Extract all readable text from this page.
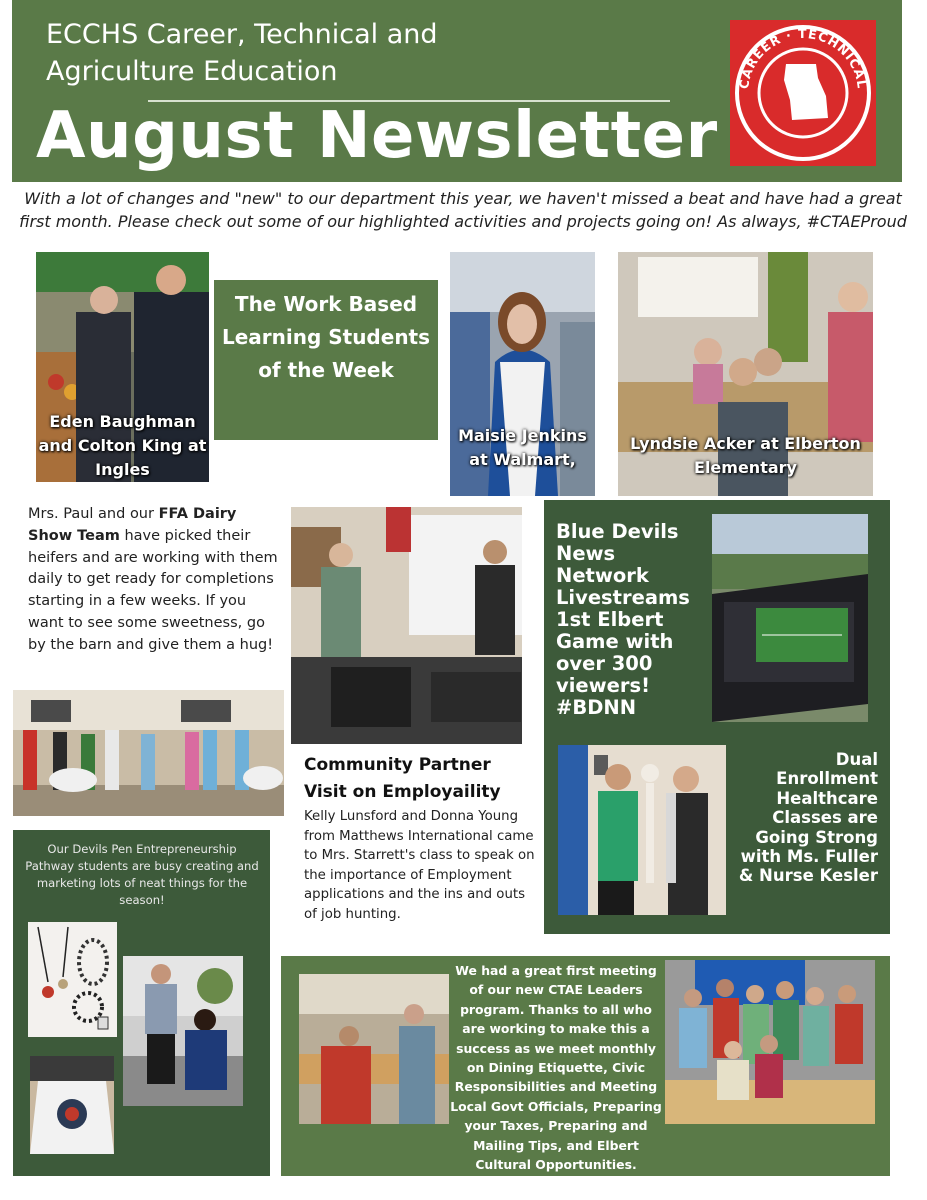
ECCHS Career, Technical and
Agriculture Education
August Newsletter
CAREER · TECHNICAL
With a lot of changes and "new" to our department this year, we haven't missed a beat and have had a great first month. Please check out some of our highlighted activities and projects going on! As always, #CTAEProud
Eden Baughman and Colton King at Ingles
The Work Based Learning Students of the Week
Maisie Jenkins at Walmart,
Lyndsie Acker at Elberton Elementary
Mrs. Paul and our FFA Dairy Show Team have picked their heifers and are working with them daily to get ready for completions starting in a few weeks. If you want to see some sweetness, go by the barn and give them a hug!
Community Partner Visit on Employaility
Kelly Lunsford and Donna Young from Matthews International came to Mrs. Starrett's class to speak on the importance of Employment applications and the ins and outs of job hunting.
Blue Devils News Network Livestreams 1st Elbert Game with over 300 viewers! #BDNN
Dual Enrollment Healthcare Classes are Going Strong with Ms. Fuller & Nurse Kesler
Our Devils Pen Entrepreneurship Pathway students are busy creating and marketing lots of neat things for the season!
We had a great first meeting of our new CTAE Leaders program. Thanks to all who are working to make this a success as we meet monthly on Dining Etiquette, Civic Responsibilities and Meeting Local Govt Officials, Preparing your Taxes, Preparing and Mailing Tips, and Elbert Cultural Opportunities.
